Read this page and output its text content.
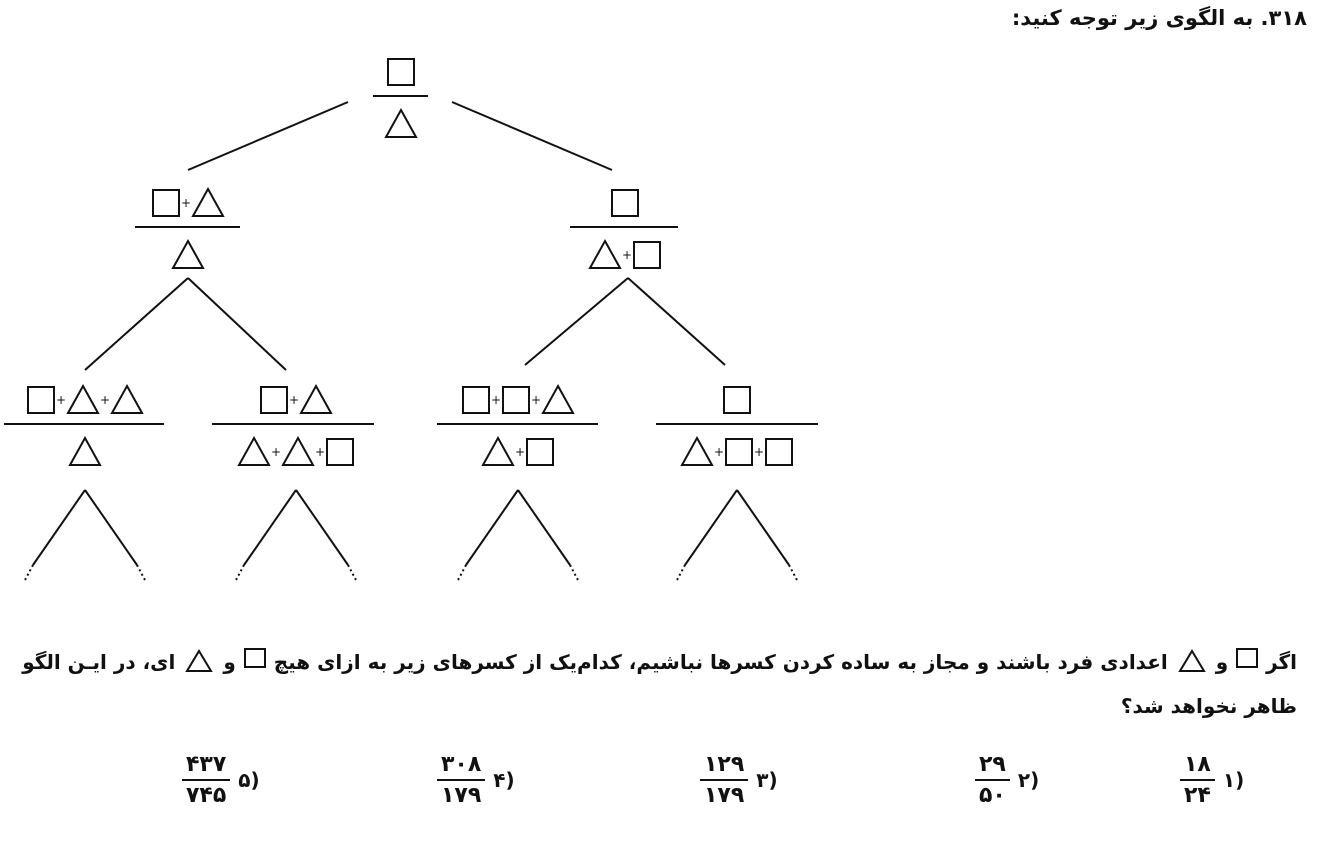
+
+
+	+	+
+	+
+ +
+	+ +
۳۱۸. به الگوی زیر توجه کنید:
اگر  و  اعدادی فرد باشند و مجاز به ساده کردن کسرها نباشیم، کدام‌یک از کسرهای زیر به ازای هیچ  و  ای، در ایـن الگو ظاهر نخواهد شد؟
$\frac{۱۸}{۲۴}$ ۱)
$\frac{۲۹}{۵۰}$ ۲)
$\frac{۱۲۹}{۱۷۹}$ ۳)
$\frac{۳۰۸}{۱۷۹}$ ۴)
$\frac{۴۳۷}{۷۴۵}$ ۵)
